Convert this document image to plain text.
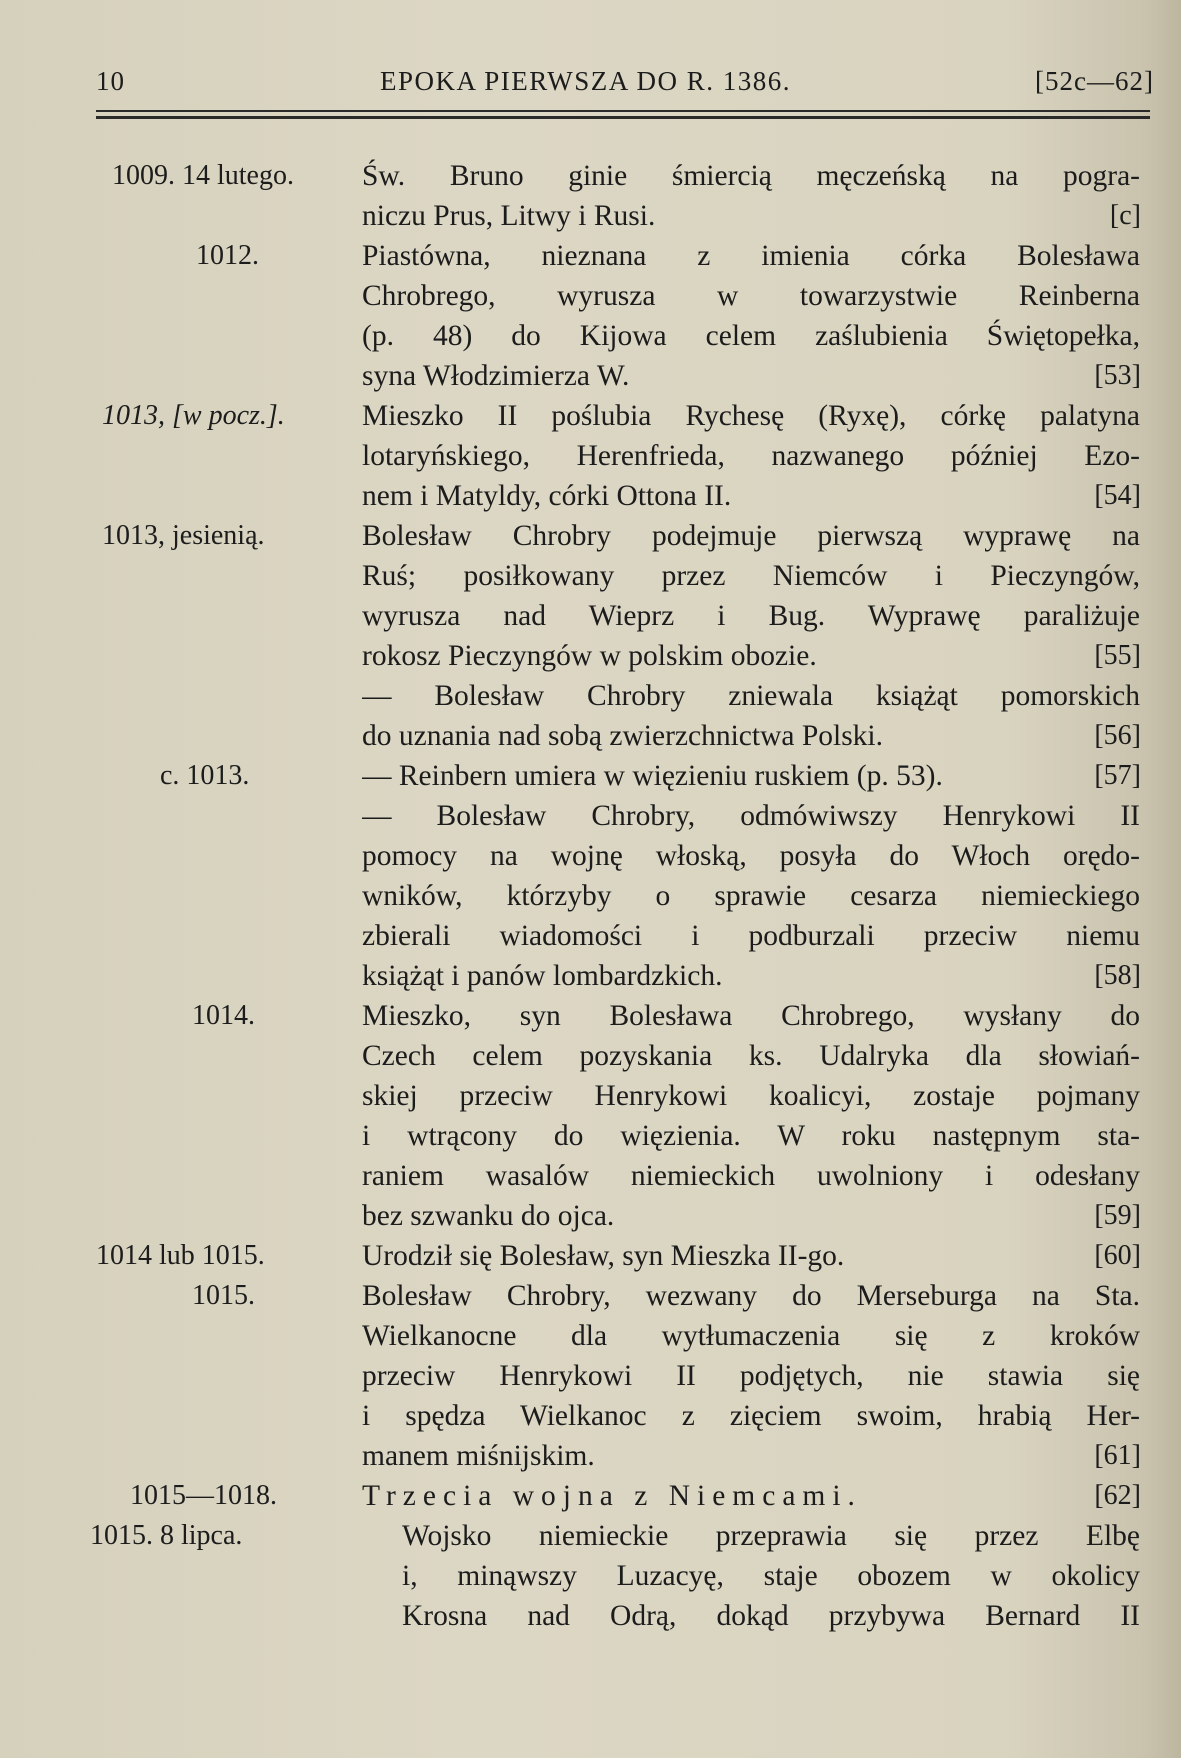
10	EPOKA PIERWSZA DO R. 1386.	[52c—62]
1009. 14 lutego. Św. Bruno ginie śmiercią męczeńską na pogra-
niczu Prus, Litwy i Rusi.	[c]
1012.	Piastówna, nieznana z imienia córka Bolesława
Chrobrego, wyrusza w towarzystwie Reinberna
(p. 48) do Kijowa celem zaślubienia Świętopełka,
syna Włodzimierza W.	[53]
1013, [w pocz.].	Mieszko II poślubia Rychesę (Ryxę), córkę palatyna
lotaryńskiego, Herenfrieda, nazwanego później Ezo-
nem i Matyldy, córki Ottona II.	[54]
1013, jesienią.	Bolesław Chrobry podejmuje pierwszą wyprawę na
Ruś; posiłkowany przez Niemców i Pieczyngów,
wyrusza nad Wieprz i Bug. Wyprawę paraliżuje
rokosz Pieczyngów w polskim obozie.	[55]
— Bolesław Chrobry zniewala książąt pomorskich
do uznania nad sobą zwierzchnictwa Polski.	[56]
c. 1013.	— Reinbern umiera w więzieniu ruskiem (p. 53).	[57]
— Bolesław Chrobry, odmówiwszy Henrykowi II
pomocy na wojnę włoską, posyła do Włoch orędo-
wników, którzyby o sprawie cesarza niemieckiego
zbierali wiadomości i podburzali przeciw niemu
książąt i panów lombardzkich.	[58]
1014.	Mieszko, syn Bolesława Chrobrego, wysłany do
Czech celem pozyskania ks. Udalryka dla słowiań-
skiej przeciw Henrykowi koalicyi, zostaje pojmany
i wtrącony do więzienia. W roku następnym sta-
raniem wasalów niemieckich uwolniony i odesłany
bez szwanku do ojca.	[59]
1014 lub 1015.	Urodził się Bolesław, syn Mieszka II-go.	[60]
1015.	Bolesław Chrobry, wezwany do Merseburga na Sta.
Wielkanocne dla wytłumaczenia się z kroków
przeciw Henrykowi II podjętych, nie stawia się
i spędza Wielkanoc z zięciem swoim, hrabią Her-
manem miśnijskim.	[61]
1015—1018.	Trzecia wojna z Niemcami.	[62]
1015. 8 lipca.	Wojsko niemieckie przeprawia się przez Elbę
i, minąwszy Luzacyę, staje obozem w okolicy
Krosna nad Odrą, dokąd przybywa Bernard II
